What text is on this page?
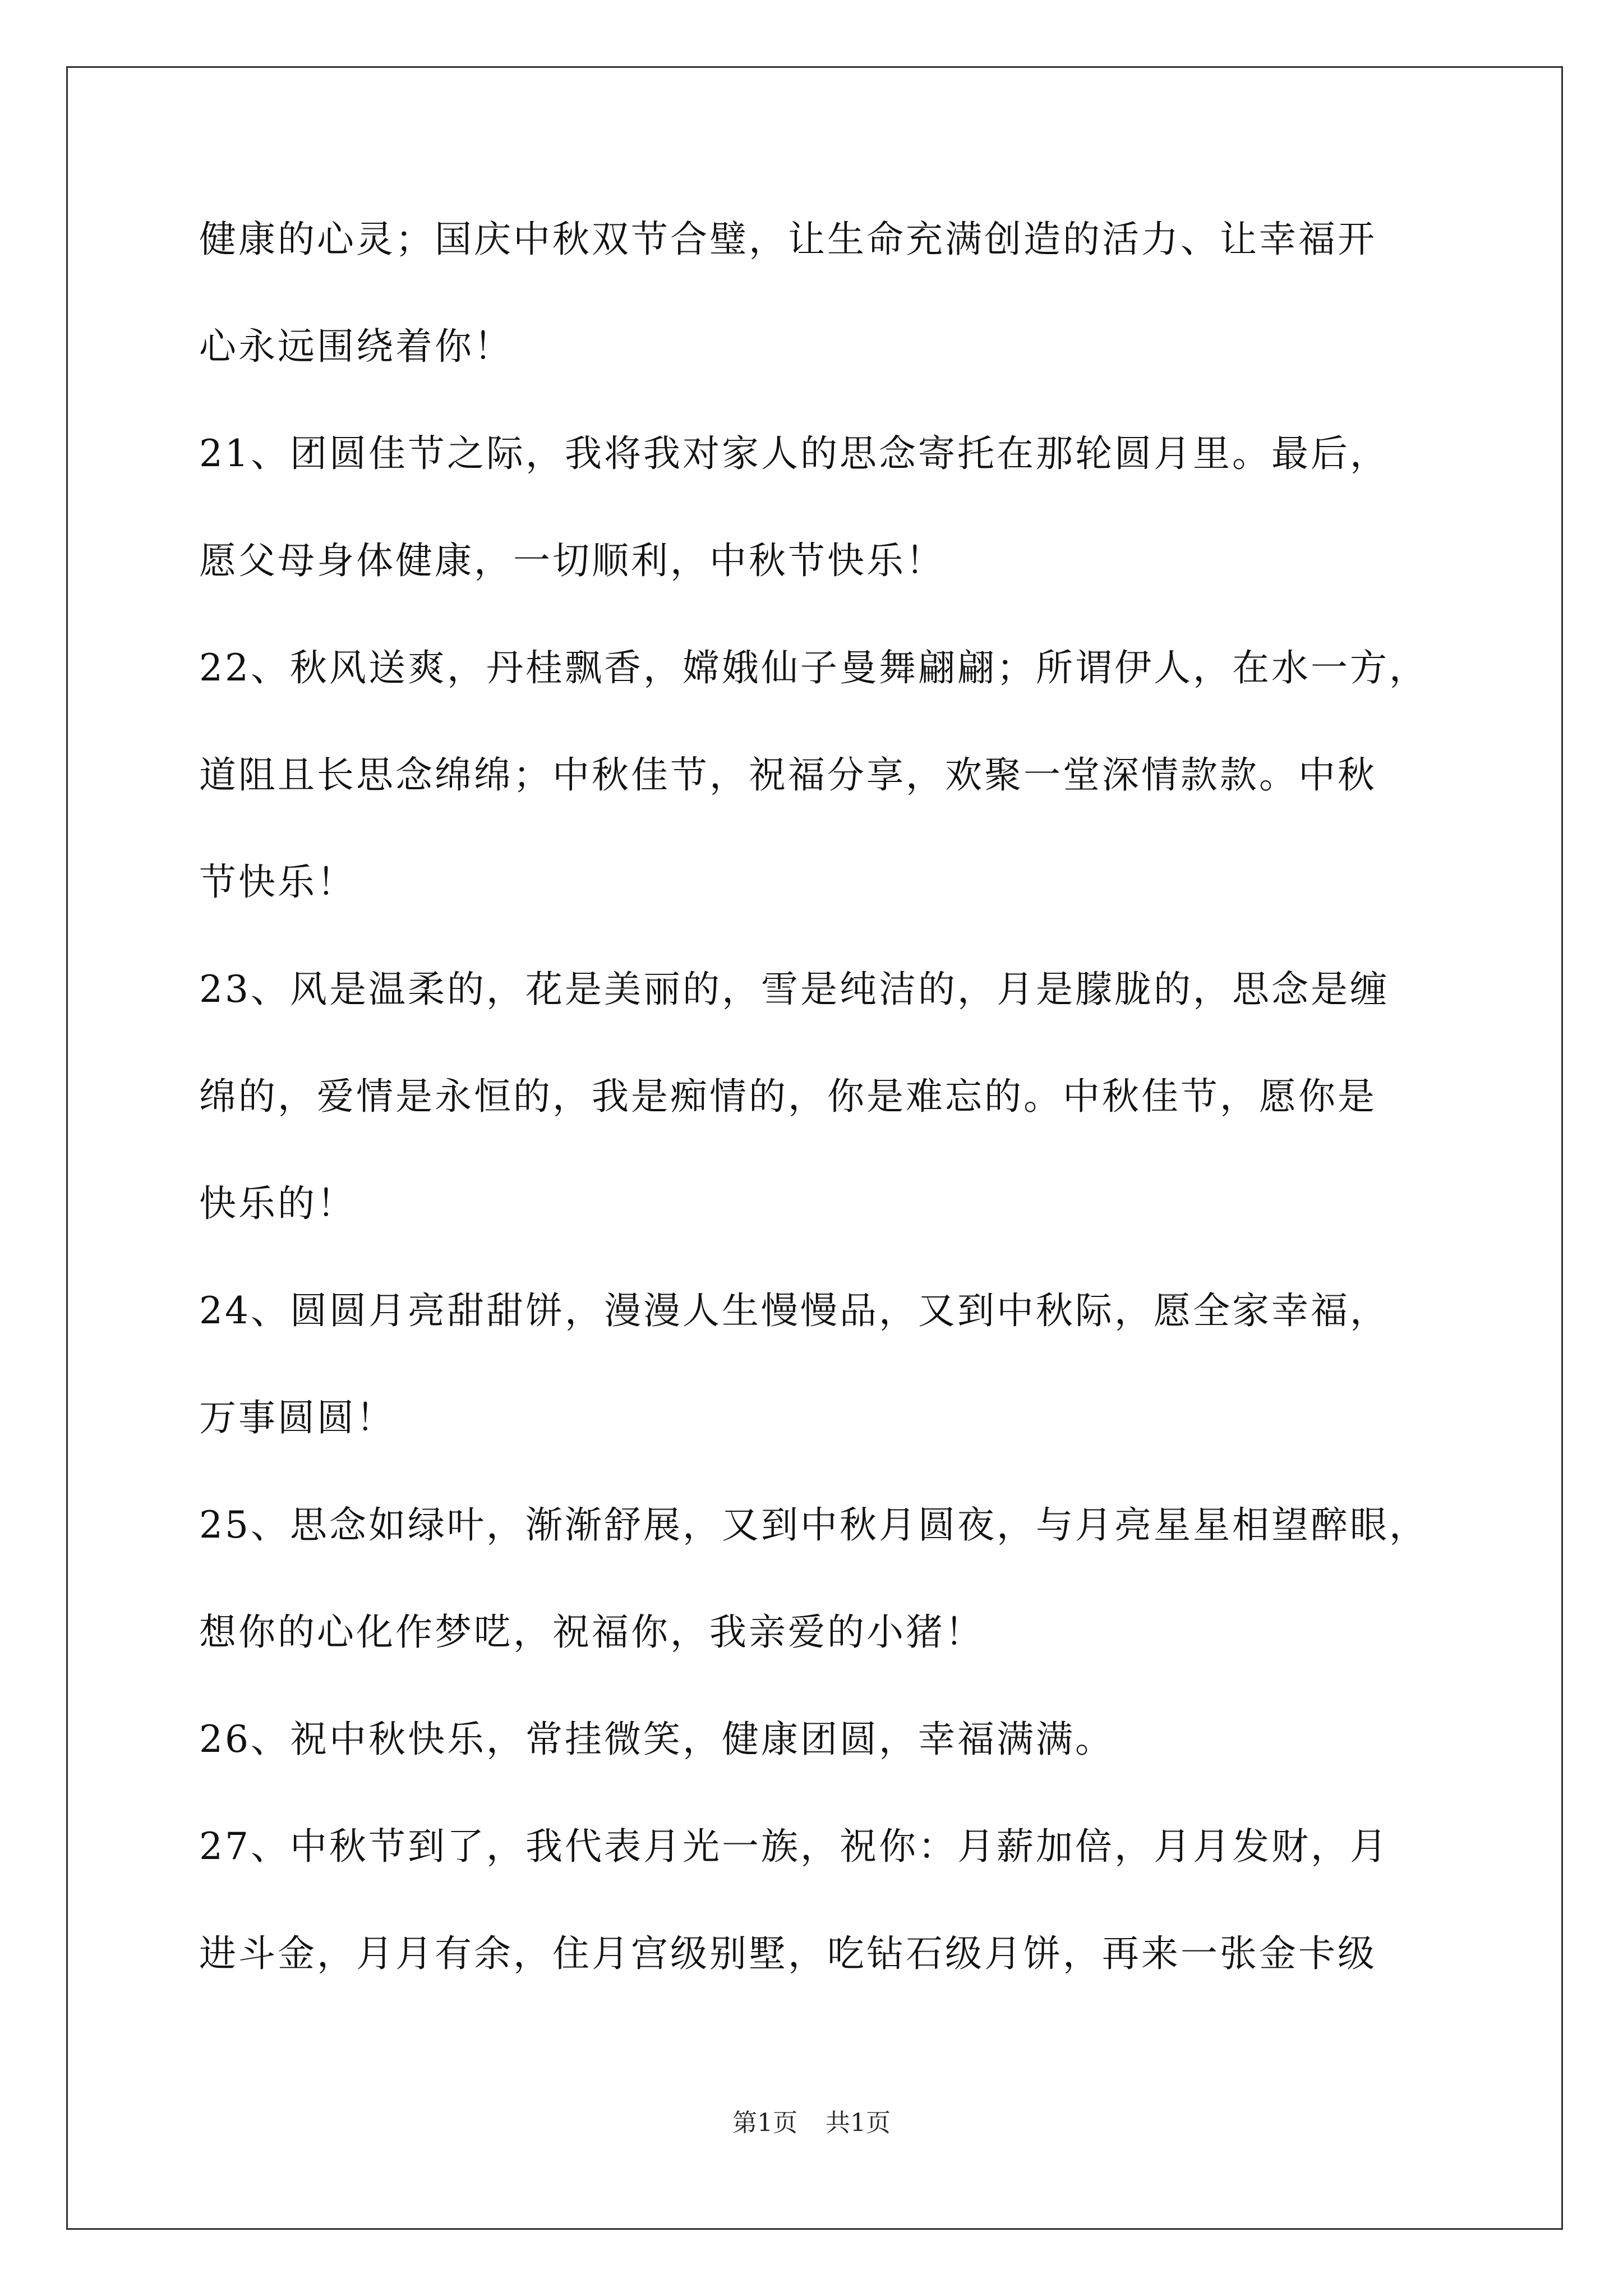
健康的心灵；国庆中秋双节合璧，让生命充满创造的活力、让幸福开
心永远围绕着你！
21、团圆佳节之际，我将我对家人的思念寄托在那轮圆月里。最后，
愿父母身体健康，一切顺利，中秋节快乐！
22、秋风送爽，丹桂飘香，嫦娥仙子曼舞翩翩；所谓伊人，在水一方，
道阻且长思念绵绵；中秋佳节，祝福分享，欢聚一堂深情款款。中秋
节快乐！
23、风是温柔的，花是美丽的，雪是纯洁的，月是朦胧的，思念是缠
绵的，爱情是永恒的，我是痴情的，你是难忘的。中秋佳节，愿你是
快乐的！
24、圆圆月亮甜甜饼，漫漫人生慢慢品，又到中秋际，愿全家幸福，
万事圆圆！
25、思念如绿叶，渐渐舒展，又到中秋月圆夜，与月亮星星相望醉眼，
想你的心化作梦呓，祝福你，我亲爱的小猪！
26、祝中秋快乐，常挂微笑，健康团圆，幸福满满。
27、中秋节到了，我代表月光一族，祝你：月薪加倍，月月发财，月
进斗金，月月有余，住月宫级别墅，吃钻石级月饼，再来一张金卡级
第1页 共1页
